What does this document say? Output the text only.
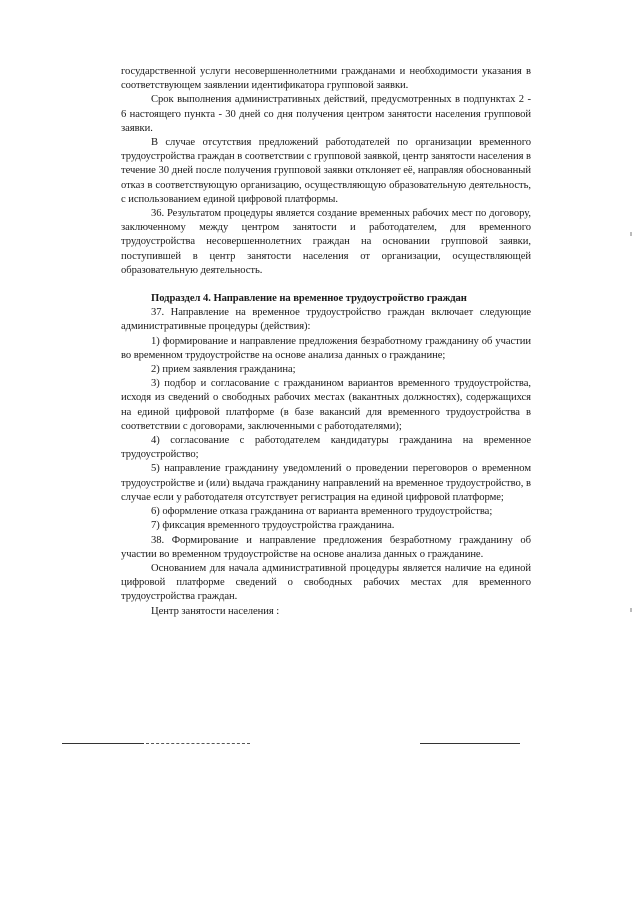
государственной услуги несовершеннолетними гражданами и необходимости указания в соответствующем заявлении идентификатора групповой заявки.

Срок выполнения административных действий, предусмотренных в подпунктах 2 - 6 настоящего пункта - 30 дней со дня получения центром занятости населения групповой заявки.

В случае отсутствия предложений работодателей по организации временного трудоустройства граждан в соответствии с групповой заявкой, центр занятости населения в течение 30 дней после получения групповой заявки отклоняет её, направляя обоснованный отказ в соответствующую организацию, осуществляющую образовательную деятельность, с использованием единой цифровой платформы.

36. Результатом процедуры является создание временных рабочих мест по договору, заключенному между центром занятости и работодателем, для временного трудоустройства несовершеннолетних граждан на основании групповой заявки, поступившей в центр занятости населения от организации, осуществляющей образовательную деятельность.

Подраздел 4. Направление на временное трудоустройство граждан

37. Направление на временное трудоустройство граждан включает следующие административные процедуры (действия):

1) формирование и направление предложения безработному гражданину об участии во временном трудоустройстве на основе анализа данных о гражданине;

2) прием заявления гражданина;

3) подбор и согласование с гражданином вариантов временного трудоустройства, исходя из сведений о свободных рабочих местах (вакантных должностях), содержащихся на единой цифровой платформе (в базе вакансий для временного трудоустройства в соответствии с договорами, заключенными с работодателями);

4) согласование с работодателем кандидатуры гражданина на временное трудоустройство;

5) направление гражданину уведомлений о проведении переговоров о временном трудоустройстве и (или) выдача гражданину направлений на временное трудоустройство, в случае если у работодателя отсутствует регистрация на единой цифровой платформе;

6) оформление отказа гражданина от варианта временного трудоустройства;

7) фиксация временного трудоустройства гражданина.

38. Формирование и направление предложения безработному гражданину об участии во временном трудоустройстве на основе анализа данных о гражданине.

Основанием для начала административной процедуры является наличие на единой цифровой платформе сведений о свободных рабочих местах для временного трудоустройства граждан.

Центр занятости населения :
